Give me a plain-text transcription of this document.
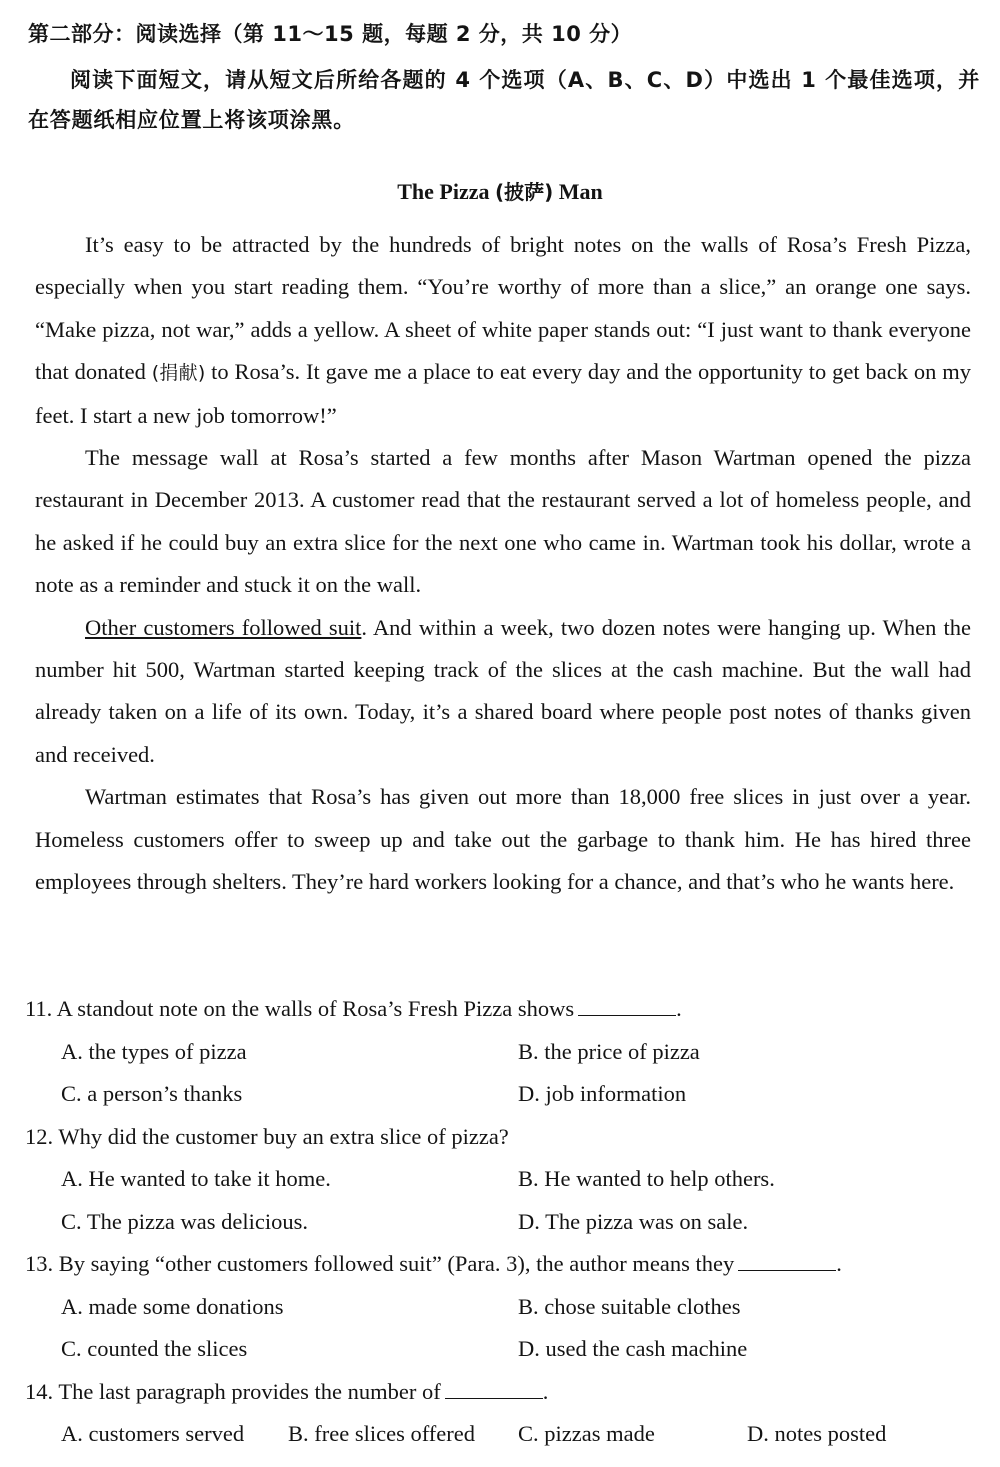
第二部分：阅读选择（第 11～15 题，每题 2 分，共 10 分）
阅读下面短文，请从短文后所给各题的 4 个选项（A、B、C、D）中选出 1 个最佳选项，并在答题纸相应位置上将该项涂黑。
The Pizza (披萨) Man

It’s easy to be attracted by the hundreds of bright notes on the walls of Rosa’s Fresh Pizza, especially when you start reading them. “You’re worthy of more than a slice,” an orange one says. “Make pizza, not war,” adds a yellow. A sheet of white paper stands out: “I just want to thank everyone that donated (捐献) to Rosa’s. It gave me a place to eat every day and the opportunity to get back on my feet. I start a new job tomorrow!”

The message wall at Rosa’s started a few months after Mason Wartman opened the pizza restaurant in December 2013. A customer read that the restaurant served a lot of homeless people, and he asked if he could buy an extra slice for the next one who came in. Wartman took his dollar, wrote a note as a reminder and stuck it on the wall.

Other customers followed suit. And within a week, two dozen notes were hanging up. When the number hit 500, Wartman started keeping track of the slices at the cash machine. But the wall had already taken on a life of its own. Today, it’s a shared board where people post notes of thanks given and received.

Wartman estimates that Rosa’s has given out more than 18,000 free slices in just over a year. Homeless customers offer to sweep up and take out the garbage to thank him. He has hired three employees through shelters. They’re hard workers looking for a chance, and that’s who he wants here.

11. A standout note on the walls of Rosa’s Fresh Pizza shows	.
A. the types of pizza	B. the price of pizza
C. a person’s thanks	D. job information
12. Why did the customer buy an extra slice of pizza?
A. He wanted to take it home.	B. He wanted to help others.
C. The pizza was delicious.	D. The pizza was on sale.
13. By saying “other customers followed suit” (Para. 3), the author means they	.
A. made some donations	B. chose suitable clothes
C. counted the slices	D. used the cash machine
14. The last paragraph provides the number of	.
A. customers served B. free slices offered C. pizzas made	D. notes posted
